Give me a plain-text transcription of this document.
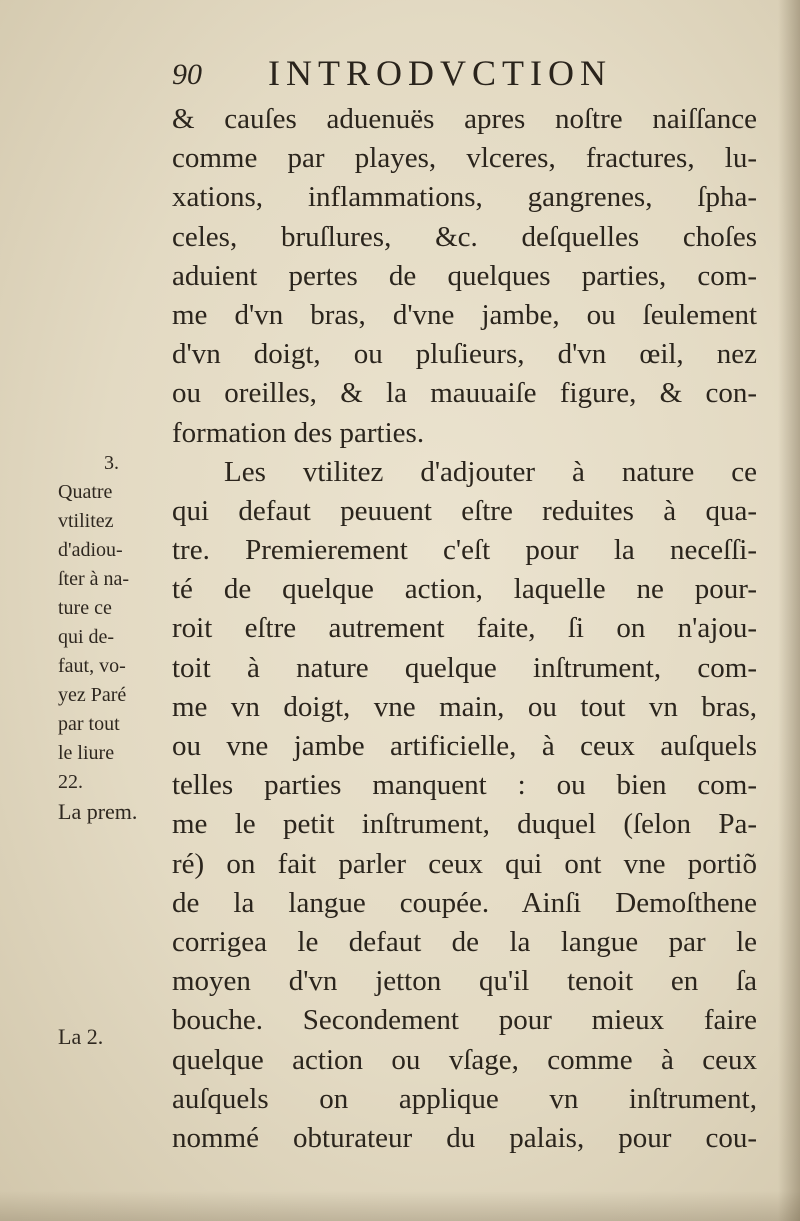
90 INTRODVCTION
& cauſes aduenuës apres noſtre naiſſance
comme par playes, vlceres, fractures, lu-
xations, inflammations, gangrenes, ſpha-
celes, bruſlures, &c. deſquelles choſes
aduient pertes de quelques parties, com-
me d'vn bras, d'vne jambe, ou ſeulement
d'vn doigt, ou pluſieurs, d'vn œil, nez
ou oreilles, & la mauuaiſe figure, & con-
formation des parties.
Les vtilitez d'adjouter à nature ce
qui defaut peuuent eſtre reduites à qua-
tre. Premierement c'eſt pour la neceſſi-
té de quelque action, laquelle ne pour-
roit eſtre autrement faite, ſi on n'ajou-
toit à nature quelque inſtrument, com-
me vn doigt, vne main, ou tout vn bras,
ou vne jambe artificielle, à ceux auſquels
telles parties manquent : ou bien com-
me le petit inſtrument, duquel (ſelon Pa-
ré) on fait parler ceux qui ont vne portiõ
de la langue coupée. Ainſi Demoſthene
corrigea le defaut de la langue par le
moyen d'vn jetton qu'il tenoit en ſa
bouche. Secondement pour mieux faire
quelque action ou vſage, comme à ceux
auſquels on applique vn inſtrument,
nommé obturateur du palais, pour cou-
3.
Quatre
vtilitez
d'adiou-
ſter à na-
ture ce
qui de-
faut, vo-
yez Paré
par tout
le liure
22.
La prem.
La 2.
